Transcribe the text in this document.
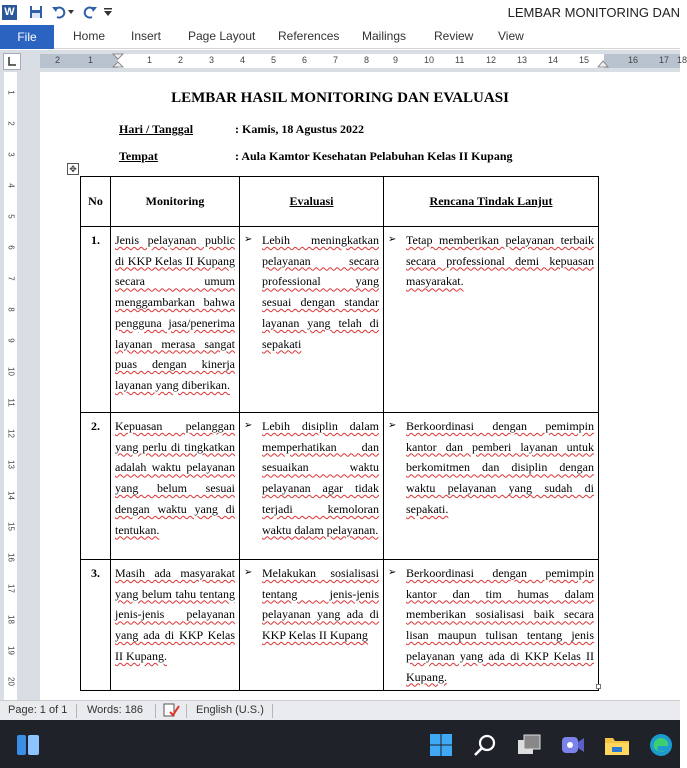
W	LEMBAR MONITORING DAN
File	Home Insert Page Layout References Mailings Review View
2	1	1	2	3	4	5	6	7	8	9	10 11 12 13 14 15	16 17 18
1
2
3
4
5
6
7
8
9
10
11
12
13
14
15
16
17
18
19
20
LEMBAR HASIL MONITORING DAN EVALUASI
Hari / Tanggal	: Kamis, 18 Agustus 2022
Tempat	: Aula Kamtor Kesehatan Pelabuhan Kelas II Kupang
✥
No	Monitoring	Evaluasi	Rencana Tindak Lanjut
1.	Jenis pelayanan public di KKP Kelas II Kupang secara umum menggambarkan bahwa pengguna jasa/penerima layanan merasa sangat puas dengan kinerja layanan yang diberikan.	➢ Lebih meningkatkan pelayanan secara professional yang sesuai dengan standar layanan yang telah di sepakati	➢ Tetap memberikan pelayanan terbaik secara professional demi kepuasan masyarakat.

2.	Kepuasan pelanggan yang perlu di tingkatkan adalah waktu pelayanan yang belum sesuai dengan waktu yang di tentukan.	➢ Lebih disiplin dalam memperhatikan dan sesuaikan waktu pelayanan agar tidak terjadi kemoloran waktu dalam pelayanan.	➢ Berkoordinasi dengan pemimpin kantor dan pemberi layanan untuk berkomitmen dan disiplin dengan waktu pelayanan yang sudah di sepakati.

3.	Masih ada masyarakat yang belum tahu tentang jenis-jenis pelayanan yang ada di KKP Kelas II Kupang.	➢ Melakukan sosialisasi tentang jenis-jenis pelayanan yang ada di KKP Kelas II Kupang	➢ Berkoordinasi dengan pemimpin kantor dan tim humas dalam memberikan sosialisasi baik secara lisan maupun tulisan tentang jenis pelayanan yang ada di KKP Kelas II Kupang.
Page: 1 of 1 Words: 186	English (U.S.)
